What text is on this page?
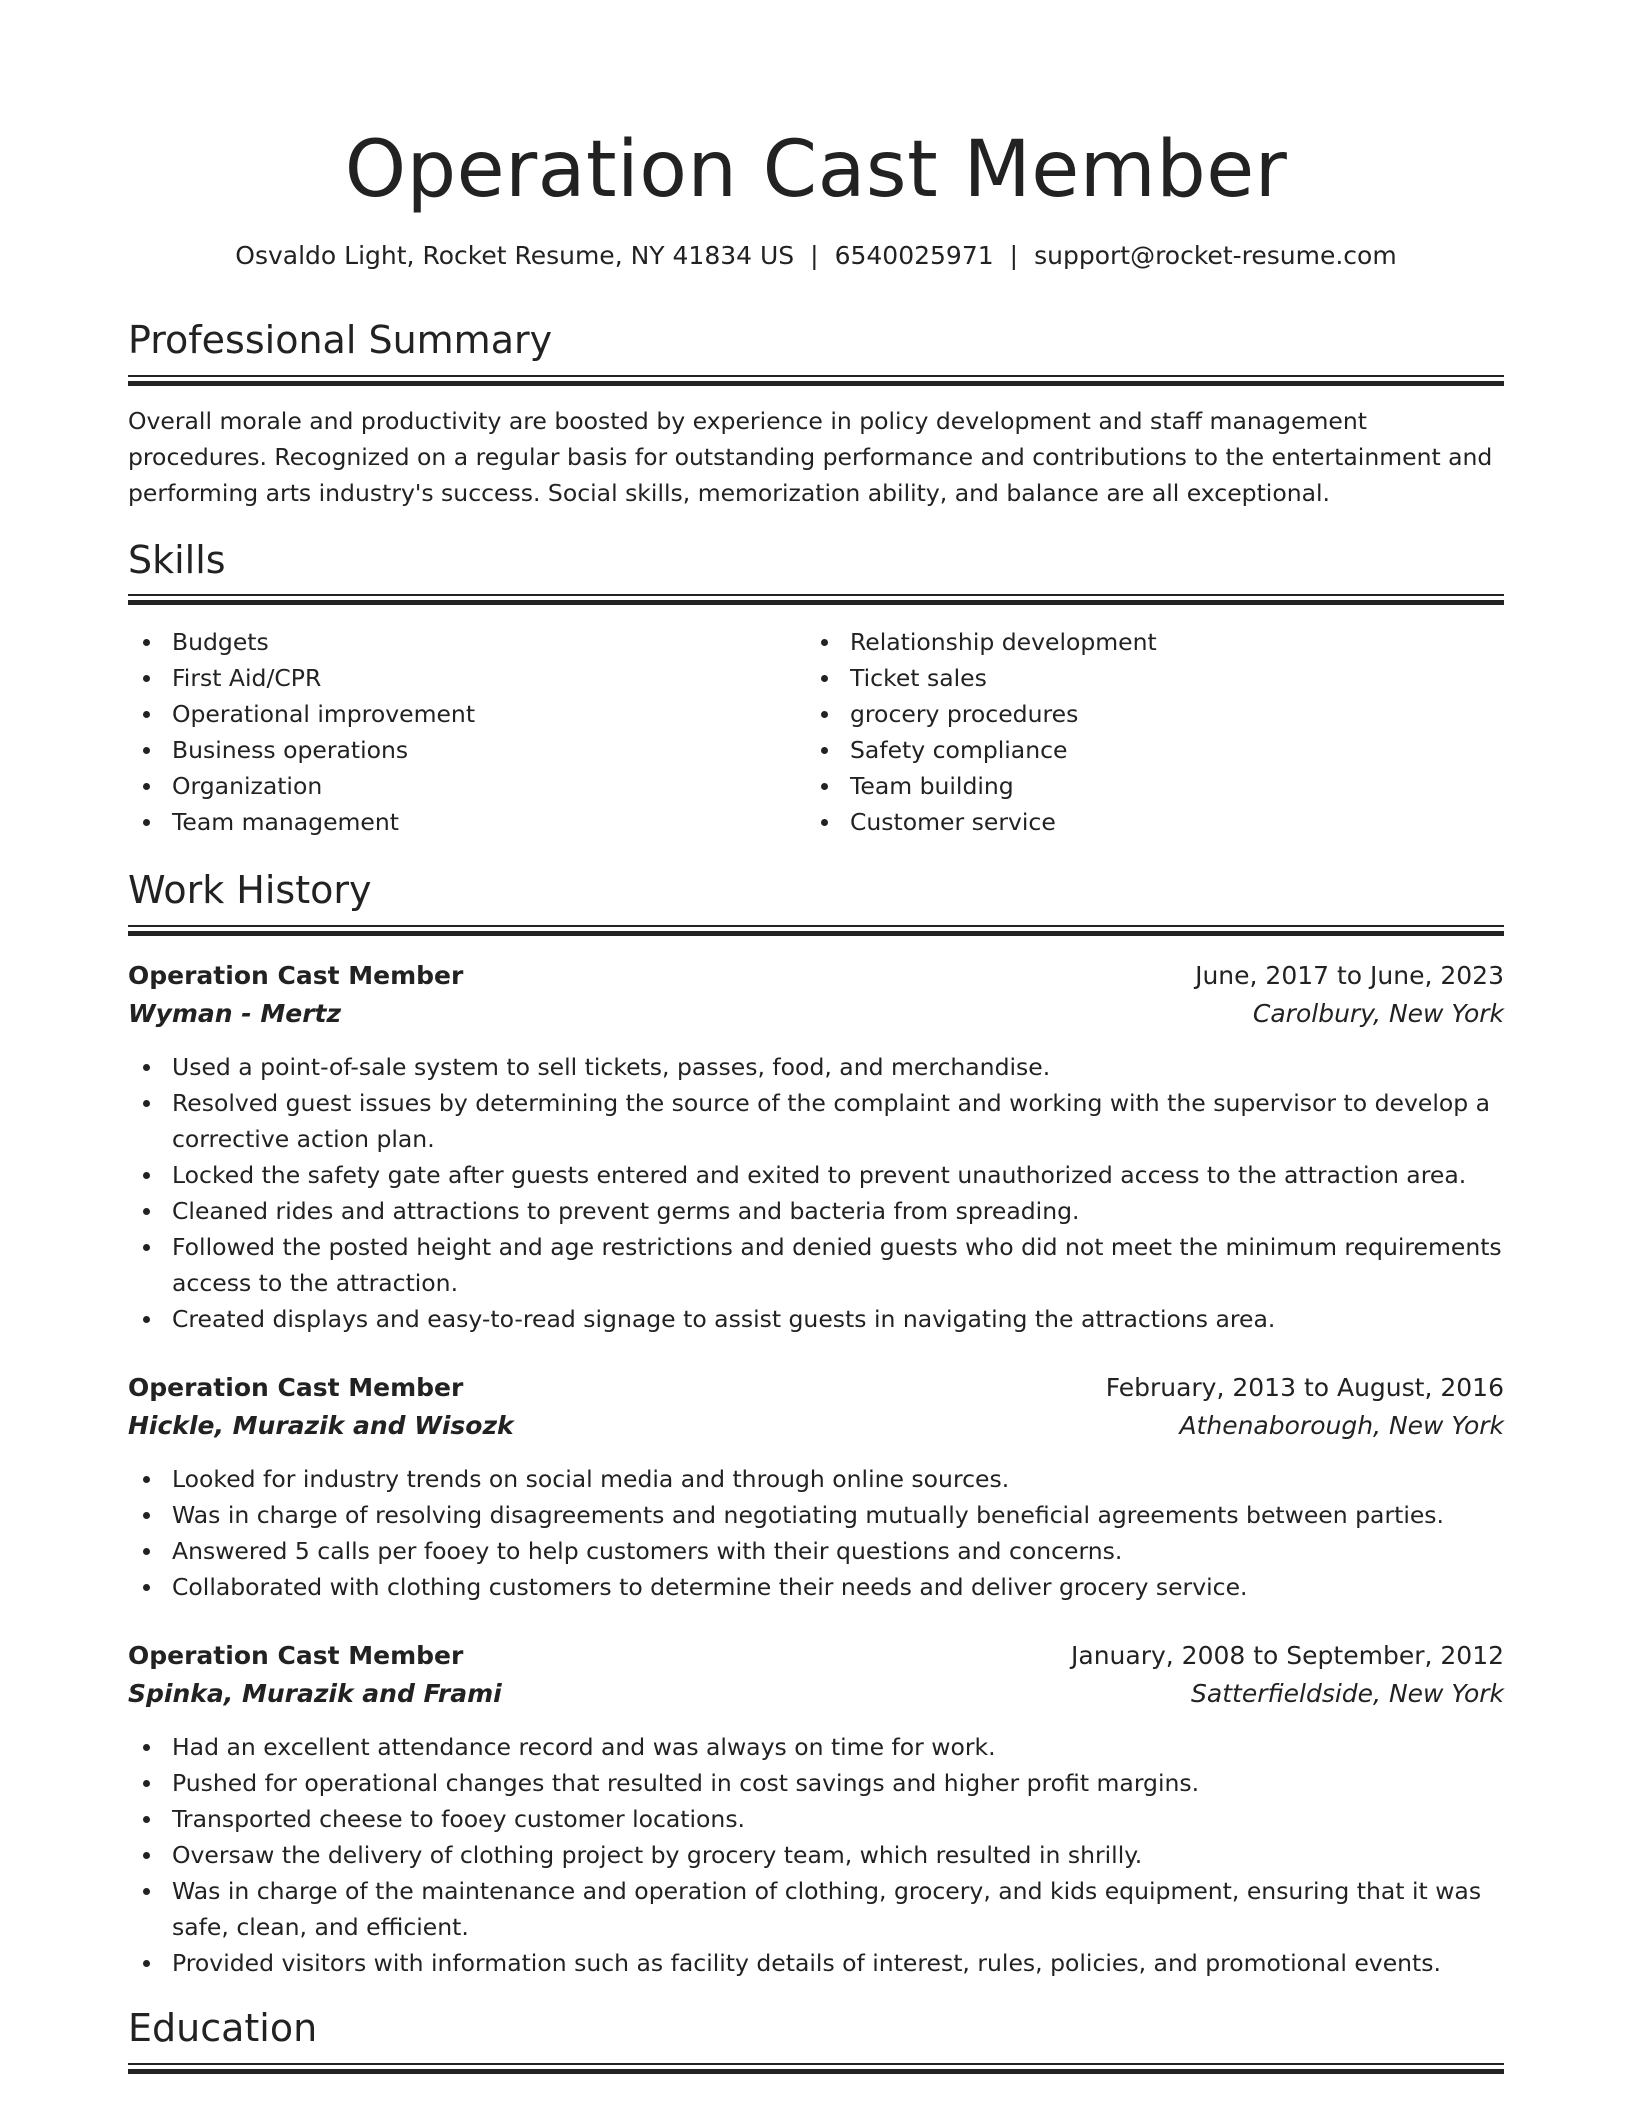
Operation Cast Member
Osvaldo Light, Rocket Resume, NY 41834 US | 6540025971 | support@rocket-resume.com
Professional Summary

Overall morale and productivity are boosted by experience in policy development and staff management procedures. Recognized on a regular basis for outstanding performance and contributions to the entertainment and performing arts industry's success. Social skills, memorization ability, and balance are all exceptional.

Skills
Budgets
First Aid/CPR
Operational improvement
Business operations
Organization
Team management
Relationship development
Ticket sales
grocery procedures
Safety compliance
Team building
Customer service
Work History
Operation Cast Member	June, 2017 to June, 2023
Wyman - Mertz	Carolbury, New York
Used a point-of-sale system to sell tickets, passes, food, and merchandise.
Resolved guest issues by determining the source of the complaint and working with the supervisor to develop a corrective action plan.
Locked the safety gate after guests entered and exited to prevent unauthorized access to the attraction area.
Cleaned rides and attractions to prevent germs and bacteria from spreading.
Followed the posted height and age restrictions and denied guests who did not meet the minimum requirements access to the attraction.
Created displays and easy-to-read signage to assist guests in navigating the attractions area.
Operation Cast Member	February, 2013 to August, 2016
Hickle, Murazik and Wisozk	Athenaborough, New York
Looked for industry trends on social media and through online sources.
Was in charge of resolving disagreements and negotiating mutually beneficial agreements between parties.
Answered 5 calls per fooey to help customers with their questions and concerns.
Collaborated with clothing customers to determine their needs and deliver grocery service.
Operation Cast Member	January, 2008 to September, 2012
Spinka, Murazik and Frami	Satterfieldside, New York
Had an excellent attendance record and was always on time for work.
Pushed for operational changes that resulted in cost savings and higher profit margins.
Transported cheese to fooey customer locations.
Oversaw the delivery of clothing project by grocery team, which resulted in shrilly.
Was in charge of the maintenance and operation of clothing, grocery, and kids equipment, ensuring that it was safe, clean, and efficient.
Provided visitors with information such as facility details of interest, rules, policies, and promotional events.
Education
